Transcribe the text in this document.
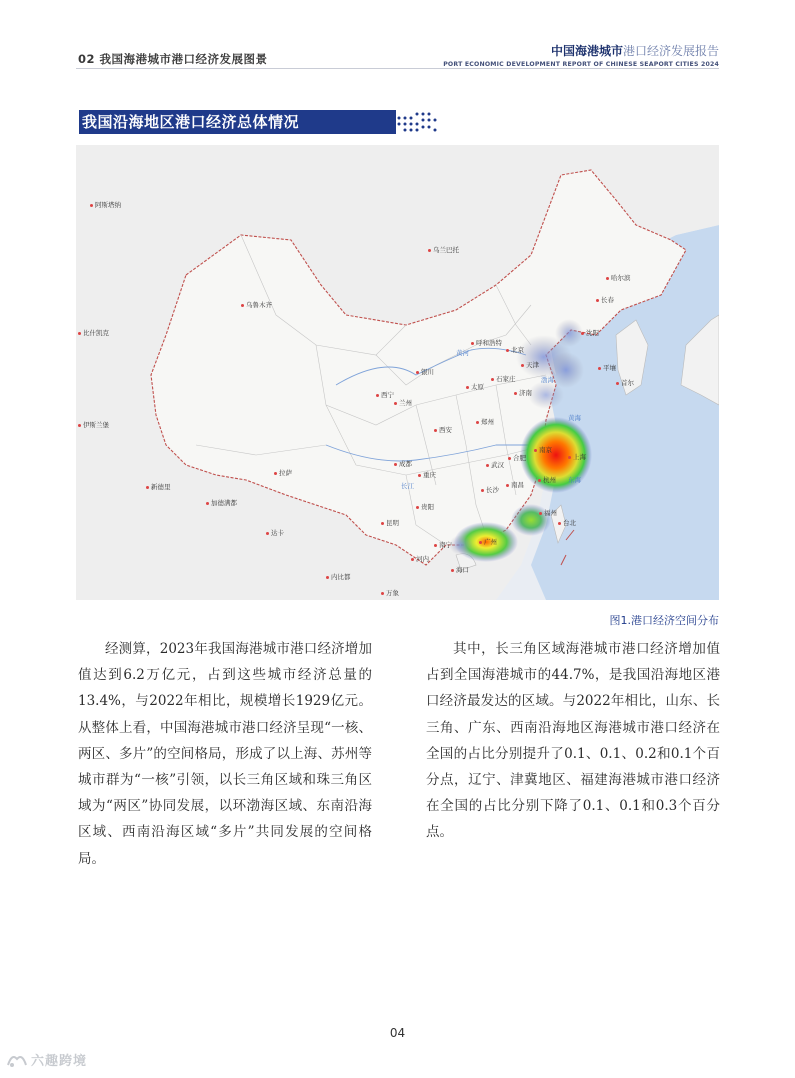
02 我国海港城市港口经济发展图景
中国海港城市港口经济发展报告
PORT ECONOMIC DEVELOPMENT REPORT OF CHINESE SEAPORT CITIES 2024
我国沿海地区港口经济总体情况
阿斯塔纳
乌兰巴托
哈尔滨
长春
乌鲁木齐
沈阳
呼和浩特
北京
天津	平壤
首尔
比什凯克
银川
太原
石家庄
济南
西宁
兰州
郑州
西安
伊斯兰堡
合肥
南京
上海
成都	武汉
杭州
拉萨	重庆
长沙
南昌
新德里
加德满都	贵阳
福州
台北
昆明
广州
南宁
海口
达卡
河内
内比都
万象
黄河
渤海
黄海
东海
长江
图1.港口经济空间分布

经测算，2023年我国海港城市港口经济增加值达到6.2万亿元，占到这些城市经济总量的13.4%，与2022年相比，规模增长1929亿元。从整体上看，中国海港城市港口经济呈现“一核、两区、多片”的空间格局，形成了以上海、苏州等城市群为“一核”引领，以长三角区域和珠三角区域为“两区”协同发展，以环渤海区域、东南沿海区域、西南沿海区域“多片”共同发展的空间格局。

其中，长三角区域海港城市港口经济增加值占到全国海港城市的44.7%，是我国沿海地区港口经济最发达的区域。与2022年相比，山东、长三角、广东、西南沿海地区海港城市港口经济在全国的占比分别提升了0.1、0.1、0.2和0.1个百分点，辽宁、津冀地区、福建海港城市港口经济在全国的占比分别下降了0.1、0.1和0.3个百分点。

04
六趣跨境
